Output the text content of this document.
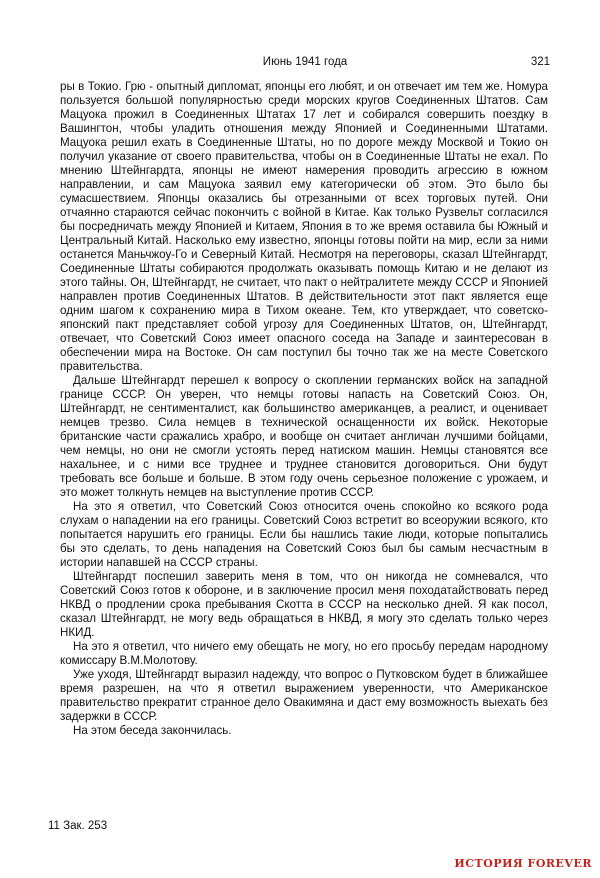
Июнь 1941 года	321

ры в Токио. Грю - опытный дипломат, японцы его любят, и он отвечает им тем же. Номура пользуется большой популярностью среди морских кругов Соединенных Штатов. Сам Мацуока прожил в Соединенных Штатах 17 лет и собирался совершить поездку в Вашингтон, чтобы уладить отношения между Японией и Соединенными Штатами. Мацуока решил ехать в Соединенные Штаты, но по дороге между Москвой и Токио он получил указание от своего правительства, чтобы он в Соединенные Штаты не ехал. По мнению Штейнгардта, японцы не имеют намерения проводить агрессию в южном направлении, и сам Мацуока заявил ему категорически об этом. Это было бы сумасшествием. Японцы оказались бы отрезанными от всех торговых путей. Они отчаянно стараются сейчас покончить с войной в Китае. Как только Рузвельт согласился бы посредничать между Японией и Китаем, Япония в то же время оставила бы Южный и Центральный Китай. Насколько ему известно, японцы готовы пойти на мир, если за ними останется Маньчжоу-Го и Северный Китай. Несмотря на переговоры, сказал Штейнгардт, Соединенные Штаты собираются продолжать оказывать помощь Китаю и не делают из этого тайны. Он, Штейнгардт, не считает, что пакт о нейтралитете между СССР и Японией направлен против Соединенных Штатов. В действительности этот пакт является еще одним шагом к сохранению мира в Тихом океане. Тем, кто утверждает, что советско-японский пакт представляет собой угрозу для Соединенных Штатов, он, Штейнгардт, отвечает, что Советский Союз имеет опасного соседа на Западе и заинтересован в обеспечении мира на Востоке. Он сам поступил бы точно так же на месте Советского правительства.

Дальше Штейнгардт перешел к вопросу о скоплении германских войск на западной границе СССР. Он уверен, что немцы готовы напасть на Советский Союз. Он, Штейнгардт, не сентименталист, как большинство американцев, а реалист, и оценивает немцев трезво. Сила немцев в технической оснащенности их войск. Некоторые британские части сражались храбро, и вообще он считает англичан лучшими бойцами, чем немцы, но они не смогли устоять перед натиском машин. Немцы становятся все нахальнее, и с ними все труднее и труднее становится договориться. Они будут требовать все больше и больше. В этом году очень серьезное положение с урожаем, и это может толкнуть немцев на выступление против СССР.

На это я ответил, что Советский Союз относится очень спокойно ко всякого рода слухам о нападении на его границы. Советский Союз встретит во всеоружии всякого, кто попытается нарушить его границы. Если бы нашлись такие люди, которые попытались бы это сделать, то день нападения на Советский Союз был бы самым несчастным в истории напавшей на СССР страны.

Штейнгардт поспешил заверить меня в том, что он никогда не сомневался, что Советский Союз готов к обороне, и в заключение просил меня походатайствовать перед НКВД о продлении срока пребывания Скотта в СССР на несколько дней. Я как посол, сказал Штейнгардт, не могу ведь обращаться в НКВД, я могу это сделать только через НКИД.

На это я ответил, что ничего ему обещать не могу, но его просьбу передам народному комиссару В.М.Молотову.

Уже уходя, Штейнгардт выразил надежду, что вопрос о Путковском будет в ближайшее время разрешен, на что я ответил выражением уверенности, что Американское правительство прекратит странное дело Овакимяна и даст ему возможность выехать без задержки в СССР.

На этом беседа закончилась.

11 Зак. 253
ИСТОРИЯ FOREVER
